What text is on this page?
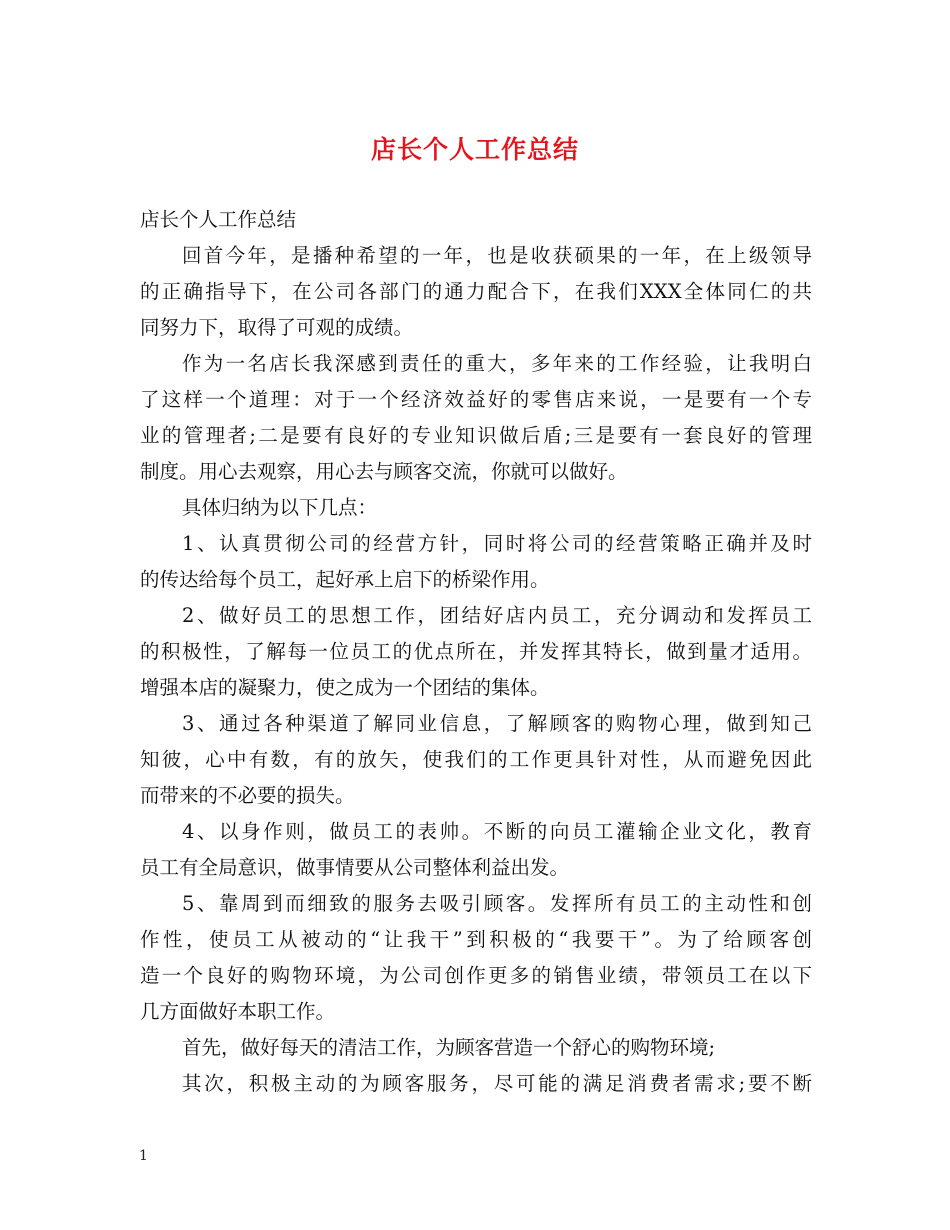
店长个人工作总结
店长个人工作总结
回首今年，是播种希望的一年，也是收获硕果的一年，在上级领导
的正确指导下，在公司各部门的通力配合下，在我们XXX全体同仁的共
同努力下，取得了可观的成绩。
作为一名店长我深感到责任的重大，多年来的工作经验，让我明白
了这样一个道理：对于一个经济效益好的零售店来说，一是要有一个专
业的管理者;二是要有良好的专业知识做后盾;三是要有一套良好的管理
制度。用心去观察，用心去与顾客交流，你就可以做好。
具体归纳为以下几点：
1、认真贯彻公司的经营方针，同时将公司的经营策略正确并及时
的传达给每个员工，起好承上启下的桥梁作用。
2、做好员工的思想工作，团结好店内员工，充分调动和发挥员工
的积极性，了解每一位员工的优点所在，并发挥其特长，做到量才适用。
增强本店的凝聚力，使之成为一个团结的集体。
3、通过各种渠道了解同业信息，了解顾客的购物心理，做到知己
知彼，心中有数，有的放矢，使我们的工作更具针对性，从而避免因此
而带来的不必要的损失。
4、以身作则，做员工的表帅。不断的向员工灌输企业文化，教育
员工有全局意识，做事情要从公司整体利益出发。
5、靠周到而细致的服务去吸引顾客。发挥所有员工的主动性和创
作性，使员工从被动的“让我干”到积极的“我要干”。为了给顾客创
造一个良好的购物环境，为公司创作更多的销售业绩，带领员工在以下
几方面做好本职工作。
首先，做好每天的清洁工作，为顾客营造一个舒心的购物环境;
其次，积极主动的为顾客服务，尽可能的满足消费者需求;要不断
1
